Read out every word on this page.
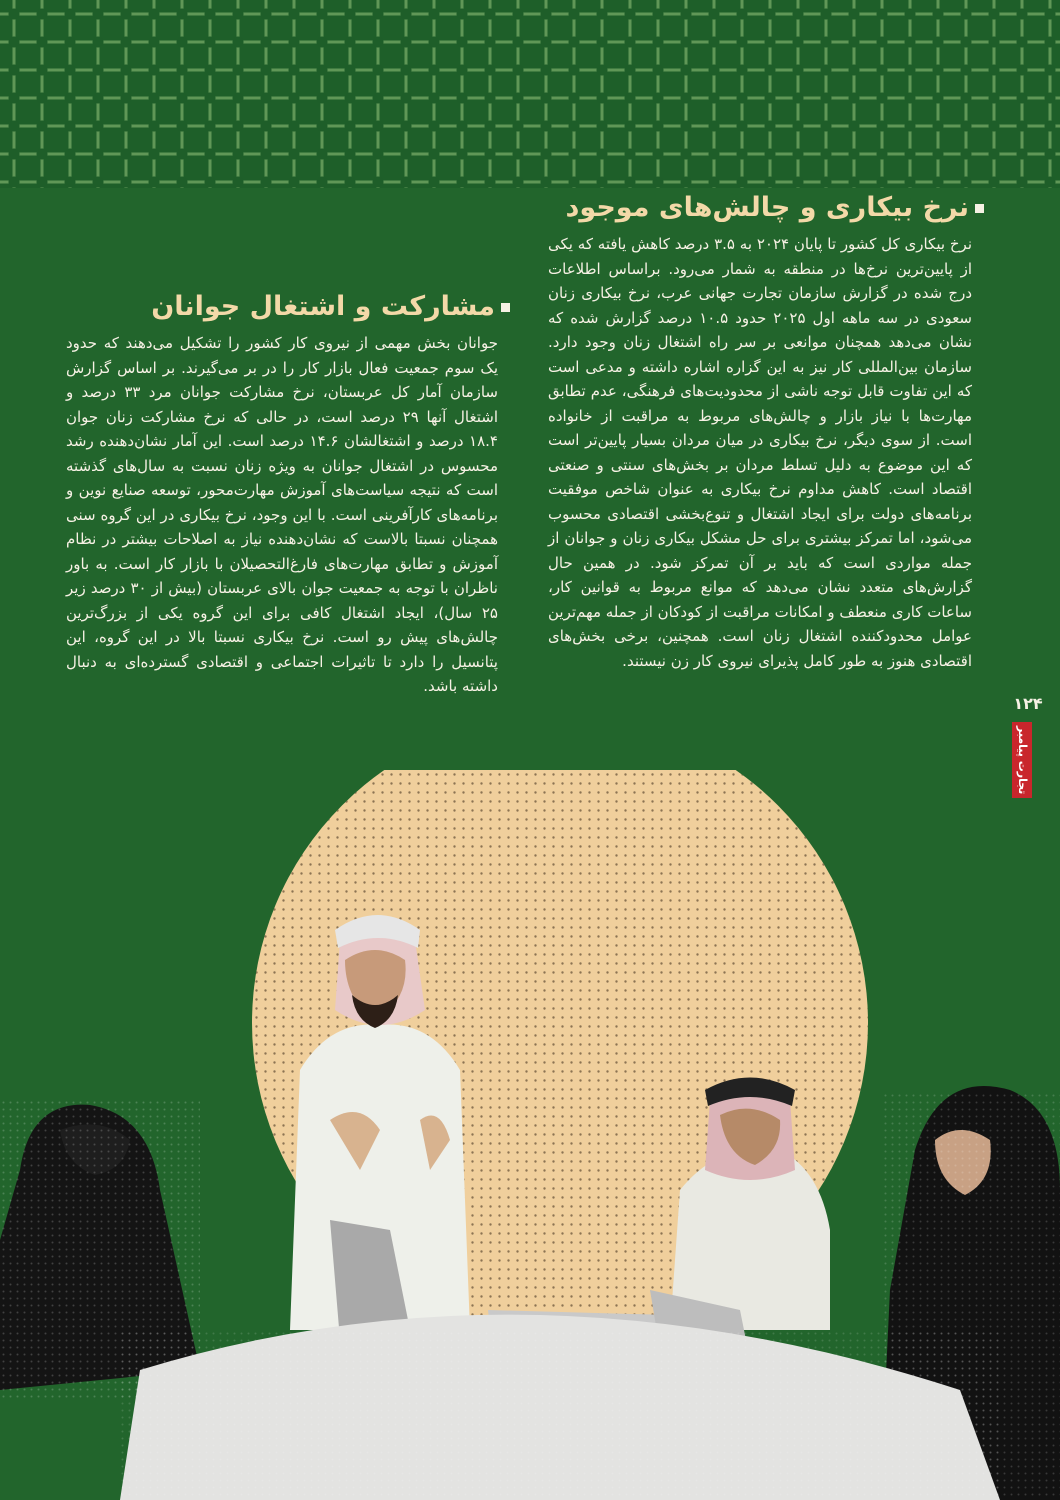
نرخ بیکاری و چالش‌های موجود

نرخ بیکاری کل کشور تا پایان ۲۰۲۴ به ۳.۵ درصد کاهش یافته که یکی از پایین‌ترین نرخ‌ها در منطقه به شمار می‌رود. براساس اطلاعات درج شده در گزارش سازمان تجارت جهانی عرب، نرخ بیکاری زنان سعودی در سه ماهه اول ۲۰۲۵ حدود ۱۰.۵ درصد گزارش شده که نشان می‌دهد همچنان موانعی بر سر راه اشتغال زنان وجود دارد. سازمان بین‌المللی کار نیز به این گزاره اشاره داشته و مدعی است که این تفاوت قابل توجه ناشی از محدودیت‌های فرهنگی، عدم تطابق مهارت‌ها با نیاز بازار و چالش‌های مربوط به مراقبت از خانواده است. از سوی دیگر، نرخ بیکاری در میان مردان بسیار پایین‌تر است که این موضوع به دلیل تسلط مردان بر بخش‌های سنتی و صنعتی اقتصاد است. کاهش مداوم نرخ بیکاری به عنوان شاخص موفقیت برنامه‌های دولت برای ایجاد اشتغال و تنوع‌بخشی اقتصادی محسوب می‌شود، اما تمرکز بیشتری برای حل مشکل بیکاری زنان و جوانان از جمله مواردی است که باید بر آن تمرکز شود. در همین حال گزارش‌های متعدد نشان می‌دهد که موانع مربوط به قوانین کار، ساعات کاری منعطف و امکانات مراقبت از کودکان از جمله مهم‌ترین عوامل محدودکننده اشتغال زنان است. همچنین، برخی بخش‌های اقتصادی هنوز به طور کامل پذیرای نیروی کار زن نیستند.

مشارکت و اشتغال جوانان

جوانان بخش مهمی از نیروی کار کشور را تشکیل می‌دهند که حدود یک سوم جمعیت فعال بازار کار را در بر می‌گیرند. بر اساس گزارش سازمان آمار کل عربستان، نرخ مشارکت جوانان مرد ۳۳ درصد و اشتغال آنها ۲۹ درصد است، در حالی که نرخ مشارکت زنان جوان ۱۸.۴ درصد و اشتغالشان ۱۴.۶ درصد است. این آمار نشان‌دهنده رشد محسوس در اشتغال جوانان به ویژه زنان نسبت به سال‌های گذشته است که نتیجه سیاست‌های آموزش مهارت‌محور، توسعه صنایع نوین و برنامه‌های کارآفرینی است. با این وجود، نرخ بیکاری در این گروه سنی همچنان نسبتا بالاست که نشان‌دهنده نیاز به اصلاحات بیشتر در نظام آموزش و تطابق مهارت‌های فارغ‌التحصیلان با بازار کار است. به باور ناظران با توجه به جمعیت جوان بالای عربستان (بیش از ۳۰ درصد زیر ۲۵ سال)، ایجاد اشتغال کافی برای این گروه یکی از بزرگ‌ترین چالش‌های پیش رو است. نرخ بیکاری نسبتا بالا در این گروه، این پتانسیل را دارد تا تاثیرات اجتماعی و اقتصادی گسترده‌ای به دنبال داشته باشد.

۱۲۴
تجارت پیامبر
